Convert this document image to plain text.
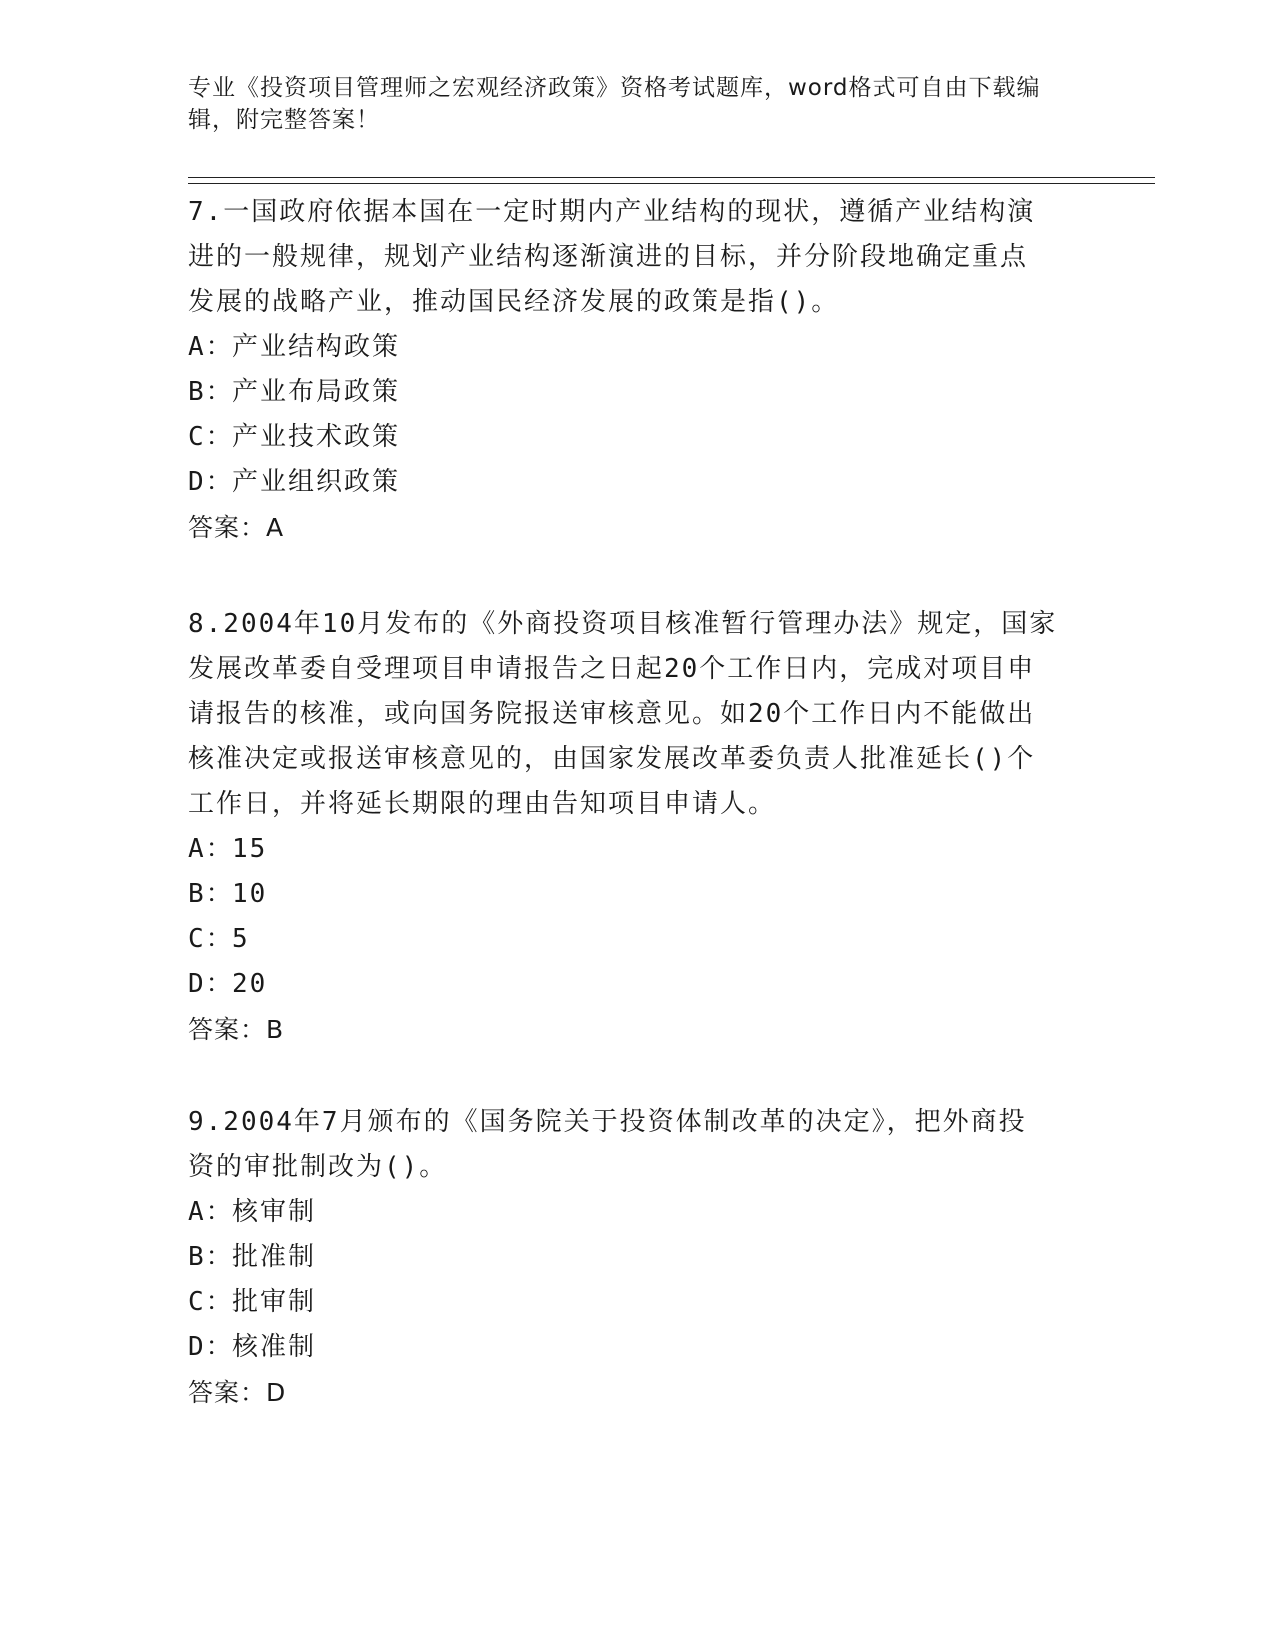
专业《投资项目管理师之宏观经济政策》资格考试题库，word格式可自由下载编
辑，附完整答案！
7.一国政府依据本国在一定时期内产业结构的现状，遵循产业结构演
进的一般规律，规划产业结构逐渐演进的目标，并分阶段地确定重点
发展的战略产业，推动国民经济发展的政策是指()。
A：产业结构政策
B：产业布局政策
C：产业技术政策
D：产业组织政策
答案：A
8.2004年10月发布的《外商投资项目核准暂行管理办法》规定，国家
发展改革委自受理项目申请报告之日起20个工作日内，完成对项目申
请报告的核准，或向国务院报送审核意见。如20个工作日内不能做出
核准决定或报送审核意见的，由国家发展改革委负责人批准延长()个
工作日，并将延长期限的理由告知项目申请人。
A：15
B：10
C：5
D：20
答案：B
9.2004年7月颁布的《国务院关于投资体制改革的决定》，把外商投
资的审批制改为()。
A：核审制
B：批准制
C：批审制
D：核准制
答案：D
